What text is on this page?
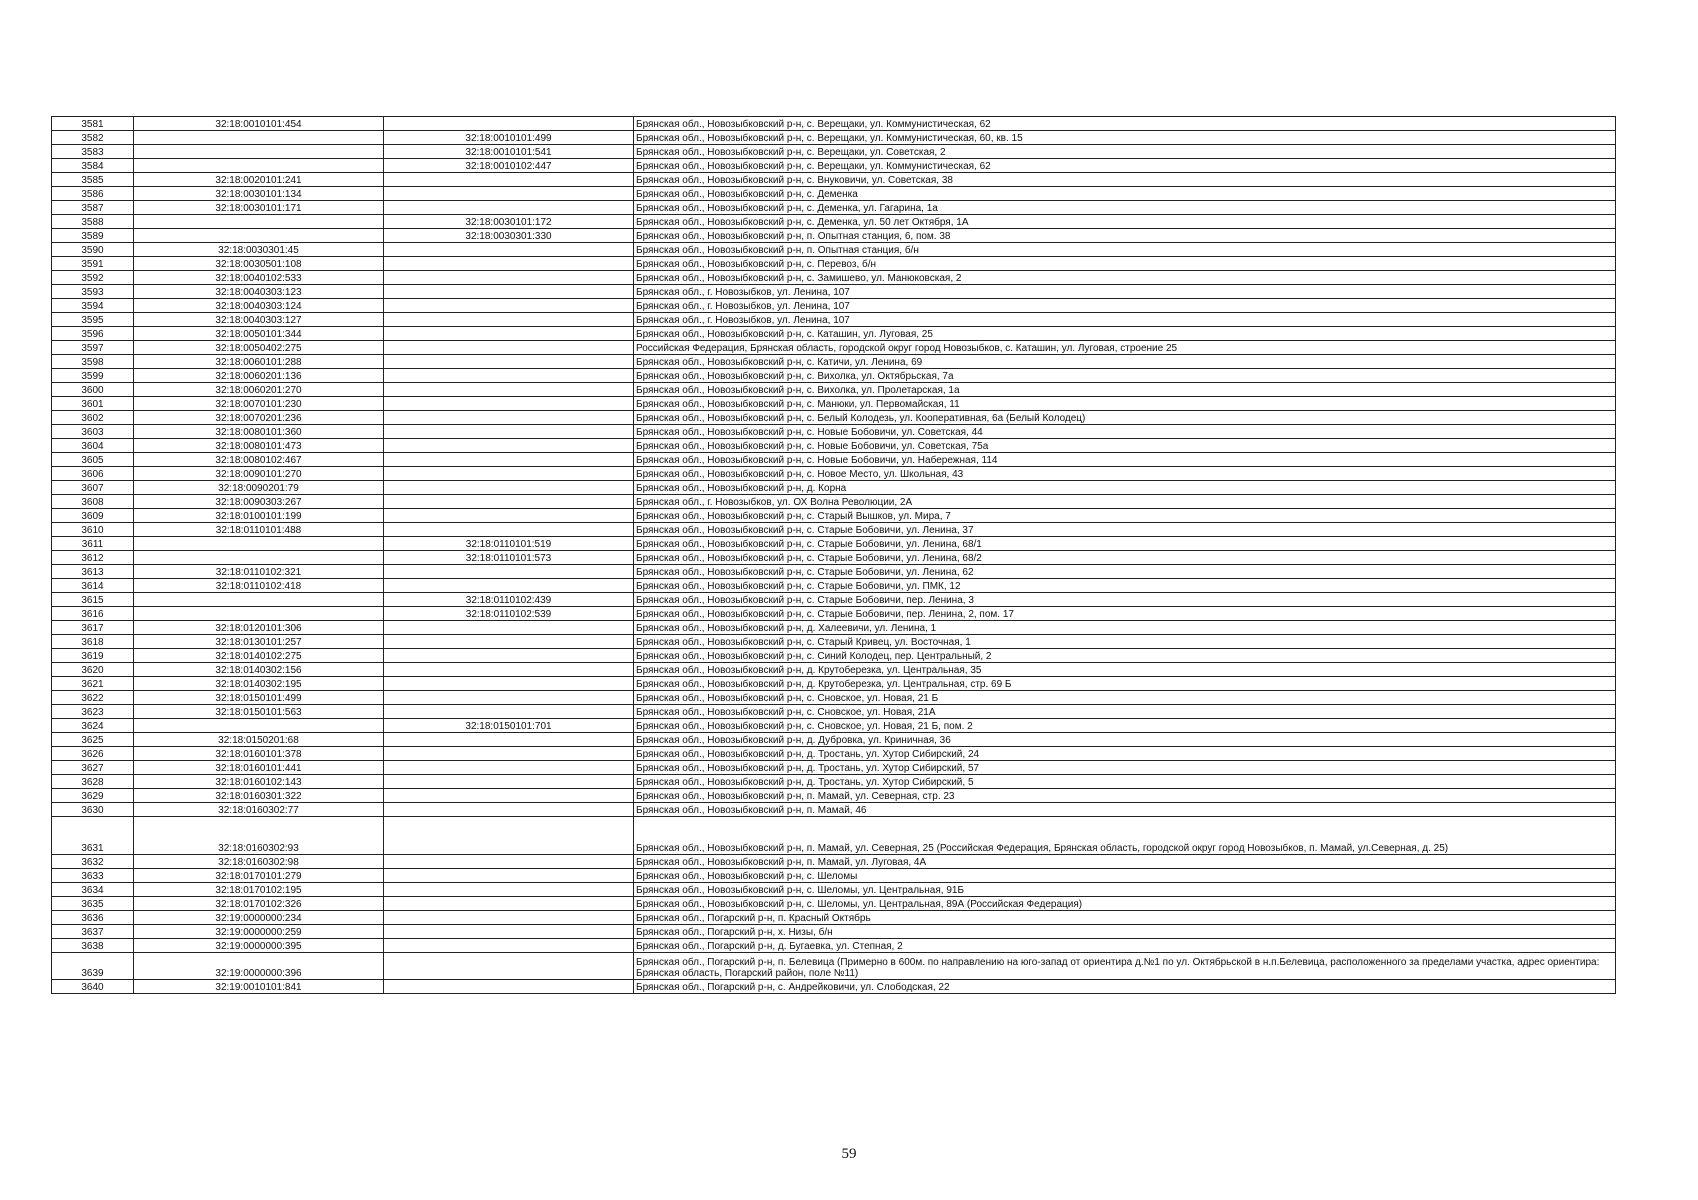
3581	32:18:0010101:454		Брянская обл., Новозыбковский р-н, с. Верещаки, ул. Коммунистическая, 62
3582		32:18:0010101:499	Брянская обл., Новозыбковский р-н, с. Верещаки, ул. Коммунистическая, 60, кв. 15
3583		32:18:0010101:541	Брянская обл., Новозыбковский р-н, с. Верещаки, ул. Советская, 2
3584		32:18:0010102:447	Брянская обл., Новозыбковский р-н, с. Верещаки, ул. Коммунистическая, 62
3585	32:18:0020101:241		Брянская обл., Новозыбковский р-н, с. Внуковичи, ул. Советская, 38
3586	32:18:0030101:134		Брянская обл., Новозыбковский р-н, с. Деменка
3587	32:18:0030101:171		Брянская обл., Новозыбковский р-н, с. Деменка, ул. Гагарина, 1а
3588		32:18:0030101:172	Брянская обл., Новозыбковский р-н, с. Деменка, ул. 50 лет Октября, 1А
3589		32:18:0030301:330	Брянская обл., Новозыбковский р-н, п. Опытная станция, 6, пом. 38
3590	32:18:0030301:45		Брянская обл., Новозыбковский р-н, п. Опытная станция, б/н
3591	32:18:0030501:108		Брянская обл., Новозыбковский р-н, с. Перевоз, б/н
3592	32:18:0040102:533		Брянская обл., Новозыбковский р-н, с. Замишево, ул. Манюковская, 2
3593	32:18:0040303:123		Брянская обл., г. Новозыбков, ул. Ленина, 107
3594	32:18:0040303:124		Брянская обл., г. Новозыбков, ул. Ленина, 107
3595	32:18:0040303:127		Брянская обл., г. Новозыбков, ул. Ленина, 107
3596	32:18:0050101:344		Брянская обл., Новозыбковский р-н, с. Каташин, ул. Луговая, 25
3597	32:18:0050402:275		Российская Федерация, Брянская область, городской округ город Новозыбков, с. Каташин, ул. Луговая, строение 25
3598	32:18:0060101:288		Брянская обл., Новозыбковский р-н, с. Катичи, ул. Ленина, 69
3599	32:18:0060201:136		Брянская обл., Новозыбковский р-н, с. Вихолка, ул. Октябрьская, 7а
3600	32:18:0060201:270		Брянская обл., Новозыбковский р-н, с. Вихолка, ул. Пролетарская, 1а
3601	32:18:0070101:230		Брянская обл., Новозыбковский р-н, с. Манюки, ул. Первомайская, 11
3602	32:18:0070201:236		Брянская обл., Новозыбковский р-н, с. Белый Колодезь, ул. Кооперативная, 6а (Белый Колодец)
3603	32:18:0080101:360		Брянская обл., Новозыбковский р-н, с. Новые Бобовичи, ул. Советская, 44
3604	32:18:0080101:473		Брянская обл., Новозыбковский р-н, с. Новые Бобовичи, ул. Советская, 75а
3605	32:18:0080102:467		Брянская обл., Новозыбковский р-н, с. Новые Бобовичи, ул. Набережная, 114
3606	32:18:0090101:270		Брянская обл., Новозыбковский р-н, с. Новое Место, ул. Школьная, 43
3607	32:18:0090201:79		Брянская обл., Новозыбковский р-н, д. Корна
3608	32:18:0090303:267		Брянская обл., г. Новозыбков, ул. ОХ Волна Революции, 2А
3609	32:18:0100101:199		Брянская обл., Новозыбковский р-н, с. Старый Вышков, ул. Мира, 7
3610	32:18:0110101:488		Брянская обл., Новозыбковский р-н, с. Старые Бобовичи, ул. Ленина, 37
3611		32:18:0110101:519	Брянская обл., Новозыбковский р-н, с. Старые Бобовичи, ул. Ленина, 68/1
3612		32:18:0110101:573	Брянская обл., Новозыбковский р-н, с. Старые Бобовичи, ул. Ленина, 68/2
3613	32:18:0110102:321		Брянская обл., Новозыбковский р-н, с. Старые Бобовичи, ул. Ленина, 62
3614	32:18:0110102:418		Брянская обл., Новозыбковский р-н, с. Старые Бобовичи, ул. ПМК, 12
3615		32:18:0110102:439	Брянская обл., Новозыбковский р-н, с. Старые Бобовичи, пер. Ленина, 3
3616		32:18:0110102:539	Брянская обл., Новозыбковский р-н, с. Старые Бобовичи, пер. Ленина, 2, пом. 17
3617	32:18:0120101:306		Брянская обл., Новозыбковский р-н, д. Халеевичи, ул. Ленина, 1
3618	32:18:0130101:257		Брянская обл., Новозыбковский р-н, с. Старый Кривец, ул. Восточная, 1
3619	32:18:0140102:275		Брянская обл., Новозыбковский р-н, с. Синий Колодец, пер. Центральный, 2
3620	32:18:0140302:156		Брянская обл., Новозыбковский р-н, д. Крутоберезка, ул. Центральная, 35
3621	32:18:0140302:195		Брянская обл., Новозыбковский р-н, д. Крутоберезка, ул. Центральная, стр. 69 Б
3622	32:18:0150101:499		Брянская обл., Новозыбковский р-н, с. Сновское, ул. Новая, 21 Б
3623	32:18:0150101:563		Брянская обл., Новозыбковский р-н, с. Сновское, ул. Новая, 21А
3624		32:18:0150101:701	Брянская обл., Новозыбковский р-н, с. Сновское, ул. Новая, 21 Б, пом. 2
3625	32:18:0150201:68		Брянская обл., Новозыбковский р-н, д. Дубровка, ул. Криничная, 36
3626	32:18:0160101:378		Брянская обл., Новозыбковский р-н, д. Тростань, ул. Хутор Сибирский, 24
3627	32:18:0160101:441		Брянская обл., Новозыбковский р-н, д. Тростань, ул. Хутор Сибирский, 57
3628	32:18:0160102:143		Брянская обл., Новозыбковский р-н, д. Тростань, ул. Хутор Сибирский, 5
3629	32:18:0160301:322		Брянская обл., Новозыбковский р-н, п. Мамай, ул. Северная, стр. 23
3630	32:18:0160302:77		Брянская обл., Новозыбковский р-н, п. Мамай, 46
3631	32:18:0160302:93		Брянская обл., Новозыбковский р-н, п. Мамай, ул. Северная, 25 (Российская Федерация, Брянская область, городской округ город Новозыбков, п. Мамай, ул.Северная, д. 25)
3632	32:18:0160302:98		Брянская обл., Новозыбковский р-н, п. Мамай, ул. Луговая, 4А
3633	32:18:0170101:279		Брянская обл., Новозыбковский р-н, с. Шеломы
3634	32:18:0170102:195		Брянская обл., Новозыбковский р-н, с. Шеломы, ул. Центральная, 91Б
3635	32:18:0170102:326		Брянская обл., Новозыбковский р-н, с. Шеломы, ул. Центральная, 89А (Российская Федерация)
3636	32:19:0000000:234		Брянская обл., Погарский р-н, п. Красный Октябрь
3637	32:19:0000000:259		Брянская обл., Погарский р-н, х. Низы, б/н
3638	32:19:0000000:395		Брянская обл., Погарский р-н, д. Бугаевка, ул. Степная, 2
3639	32:19:0000000:396		Брянская обл., Погарский р-н, п. Белевица (Примерно в 600м. по направлению на юго-запад от ориентира д.№1 по ул. Октябрьской в н.п.Белевица, расположенного за пределами участка, адрес ориентира: Брянская область, Погарский район, поле №11)
3640	32:19:0010101:841		Брянская обл., Погарский р-н, с. Андрейковичи, ул. Слободская, 22
59
